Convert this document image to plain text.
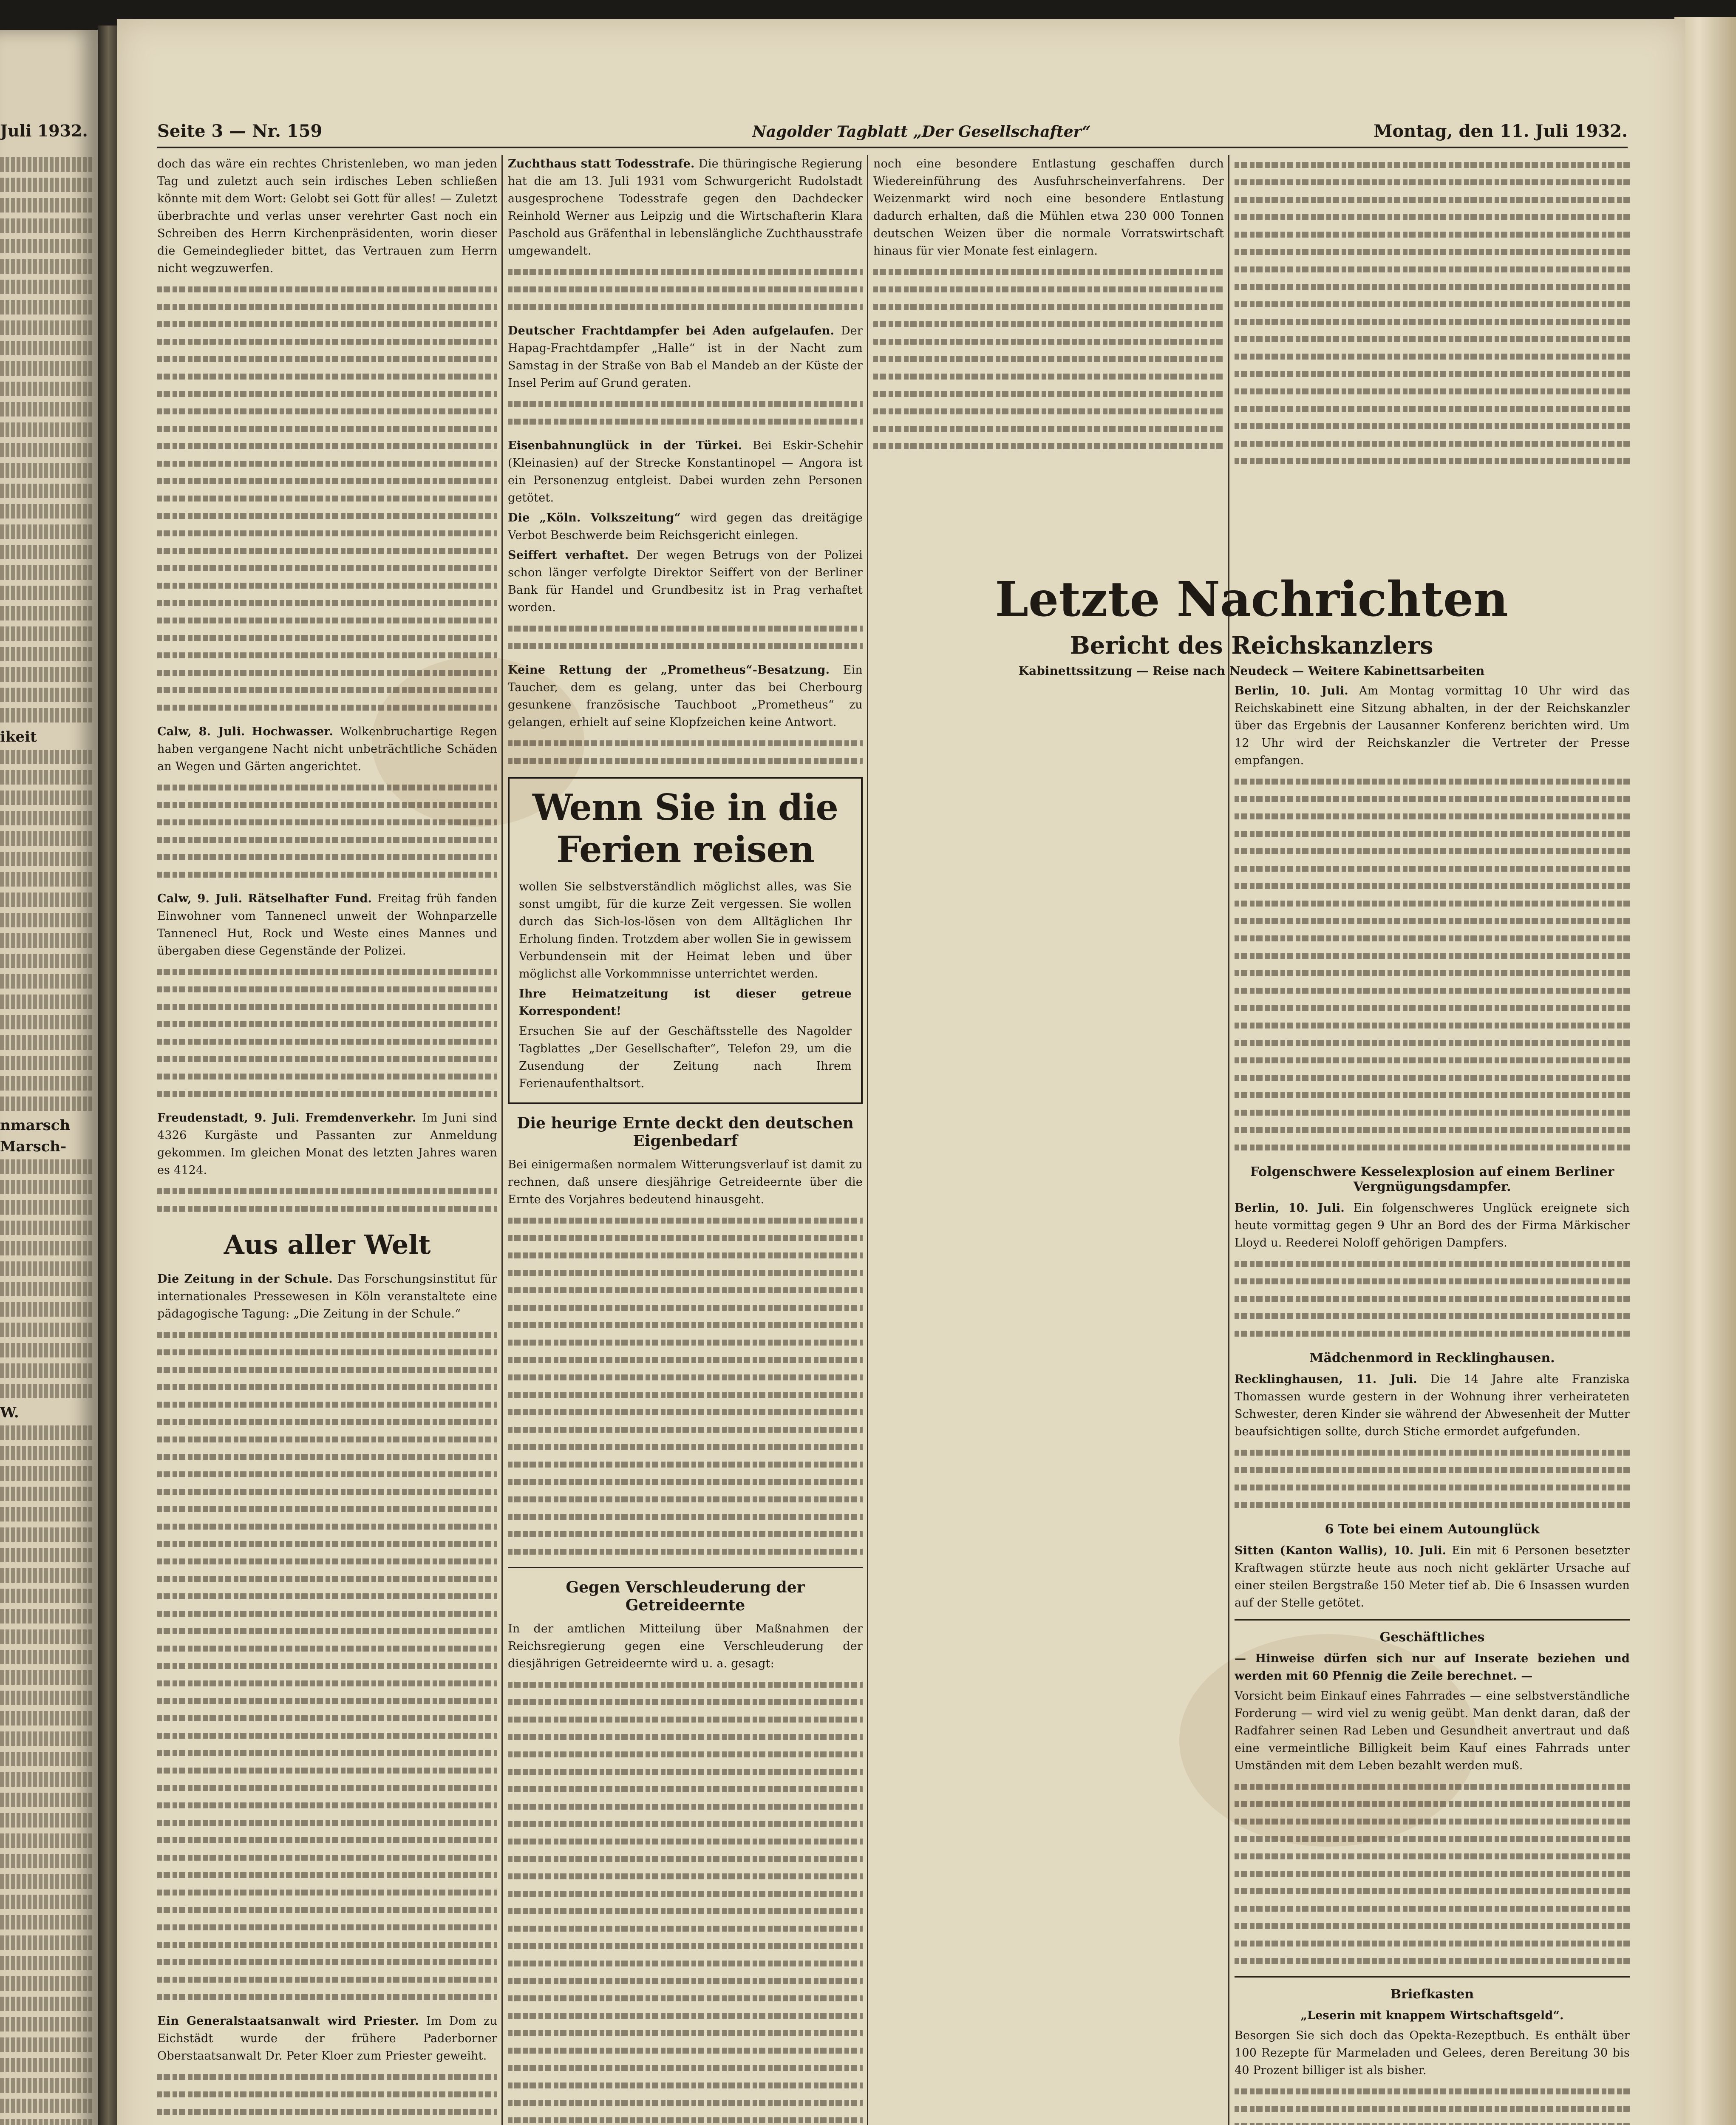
Juli 1932.
ikeit
nmarsch
Marsch-
W.
Seite 3 — Nr. 159	Nagolder Tagblatt „Der Gesellschafter“	Montag, den 11. Juli 1932.

doch das wäre ein rechtes Christenleben, wo man jeden Tag und zuletzt auch sein irdisches Leben schließen könnte mit dem Wort: Gelobt sei Gott für alles! — Zuletzt überbrachte und verlas unser verehrter Gast noch ein Schreiben des Herrn Kirchenpräsidenten, worin dieser die Gemeindeglieder bittet, das Vertrauen zum Herrn nicht wegzuwerfen.

Calw, 8. Juli. Hochwasser. Wolkenbruchartige Regen haben vergangene Nacht nicht unbeträchtliche Schäden an Wegen und Gärten angerichtet.

Calw, 9. Juli. Rätselhafter Fund. Freitag früh fanden Einwohner vom Tannenecl unweit der Wohnparzelle Tannenecl Hut, Rock und Weste eines Mannes und übergaben diese Gegenstände der Polizei.

Freudenstadt, 9. Juli. Fremdenverkehr. Im Juni sind 4326 Kurgäste und Passanten zur Anmeldung gekommen. Im gleichen Monat des letzten Jahres waren es 4124.

Aus aller Welt

Die Zeitung in der Schule. Das Forschungsinstitut für internationales Pressewesen in Köln veranstaltete eine pädagogische Tagung: „Die Zeitung in der Schule.“

Ein Generalstaatsanwalt wird Priester. Im Dom zu Eichstädt wurde der frühere Paderborner Oberstaatsanwalt Dr. Peter Kloer zum Priester geweiht.

Zuchthaus statt Todesstrafe. Die thüringische Regierung hat die am 13. Juli 1931 vom Schwurgericht Rudolstadt ausgesprochene Todesstrafe gegen den Dachdecker Reinhold Werner aus Leipzig und die Wirtschafterin Klara Paschold aus Gräfenthal in lebenslängliche Zuchthausstrafe umgewandelt.

Deutscher Frachtdampfer bei Aden aufgelaufen. Der Hapag-Frachtdampfer „Halle“ ist in der Nacht zum Samstag in der Straße von Bab el Mandeb an der Küste der Insel Perim auf Grund geraten.

Eisenbahnunglück in der Türkei. Bei Eskir-Schehir (Kleinasien) auf der Strecke Konstantinopel — Angora ist ein Personenzug entgleist. Dabei wurden zehn Personen getötet.

Die „Köln. Volkszeitung“ wird gegen das dreitägige Verbot Beschwerde beim Reichsgericht einlegen.

Seiffert verhaftet. Der wegen Betrugs von der Polizei schon länger verfolgte Direktor Seiffert von der Berliner Bank für Handel und Grundbesitz ist in Prag verhaftet worden.

Keine Rettung der „Prometheus“-Besatzung. Ein Taucher, dem es gelang, unter das bei Cherbourg gesunkene französische Tauchboot „Prometheus“ zu gelangen, erhielt auf seine Klopfzeichen keine Antwort.

Wenn Sie in die Ferien reisen

wollen Sie selbstverständlich möglichst alles, was Sie sonst umgibt, für die kurze Zeit vergessen. Sie wollen durch das Sich-los-lösen von dem Alltäglichen Ihr Erholung finden. Trotzdem aber wollen Sie in gewissem Verbundensein mit der Heimat leben und über möglichst alle Vorkommnisse unterrichtet werden.

Ihre Heimatzeitung ist dieser getreue Korrespondent!

Ersuchen Sie auf der Geschäftsstelle des Nagolder Tagblattes „Der Gesellschafter“, Telefon 29, um die Zusendung der Zeitung nach Ihrem Ferienaufenthaltsort.

Die heurige Ernte deckt den deutschen Eigenbedarf

Bei einigermaßen normalem Witterungsverlauf ist damit zu rechnen, daß unsere diesjährige Getreideernte über die Ernte des Vorjahres bedeutend hinausgeht.

Gegen Verschleuderung der Getreideernte

In der amtlichen Mitteilung über Maßnahmen der Reichsregierung gegen eine Verschleuderung der diesjährigen Getreideernte wird u. a. gesagt:

noch eine besondere Entlastung geschaffen durch Wiedereinführung des Ausfuhrscheinverfahrens. Der Weizenmarkt wird noch eine besondere Entlastung dadurch erhalten, daß die Mühlen etwa 230 000 Tonnen deutschen Weizen über die normale Vorratswirtschaft hinaus für vier Monate fest einlagern.

Letzte Nachrichten
Bericht des Reichskanzlers
Kabinettssitzung — Reise nach Neudeck — Weitere Kabinettsarbeiten

Berlin, 10. Juli. Am Montag vormittag 10 Uhr wird das Reichskabinett eine Sitzung abhalten, in der der Reichskanzler über das Ergebnis der Lausanner Konferenz berichten wird. Um 12 Uhr wird der Reichskanzler die Vertreter der Presse empfangen.

Folgenschwere Kesselexplosion auf einem Berliner Vergnügungsdampfer.

Berlin, 10. Juli. Ein folgenschweres Unglück ereignete sich heute vormittag gegen 9 Uhr an Bord des der Firma Märkischer Lloyd u. Reederei Noloff gehörigen Dampfers.

Mädchenmord in Recklinghausen.

Recklinghausen, 11. Juli. Die 14 Jahre alte Franziska Thomassen wurde gestern in der Wohnung ihrer verheirateten Schwester, deren Kinder sie während der Abwesenheit der Mutter beaufsichtigen sollte, durch Stiche ermordet aufgefunden.

6 Tote bei einem Autounglück

Sitten (Kanton Wallis), 10. Juli. Ein mit 6 Personen besetzter Kraftwagen stürzte heute aus noch nicht geklärter Ursache auf einer steilen Bergstraße 150 Meter tief ab. Die 6 Insassen wurden auf der Stelle getötet.

Geschäftliches

— Hinweise dürfen sich nur auf Inserate beziehen und werden mit 60 Pfennig die Zeile berechnet. —

Vorsicht beim Einkauf eines Fahrrades — eine selbstverständliche Forderung — wird viel zu wenig geübt. Man denkt daran, daß der Radfahrer seinen Rad Leben und Gesundheit anvertraut und daß eine vermeintliche Billigkeit beim Kauf eines Fahrrads unter Umständen mit dem Leben bezahlt werden muß.

Briefkasten

„Leserin mit knappem Wirtschaftsgeld“.

Besorgen Sie sich doch das Opekta-Rezeptbuch. Es enthält über 100 Rezepte für Marmeladen und Gelees, deren Bereitung 30 bis 40 Prozent billiger ist als bisher.
